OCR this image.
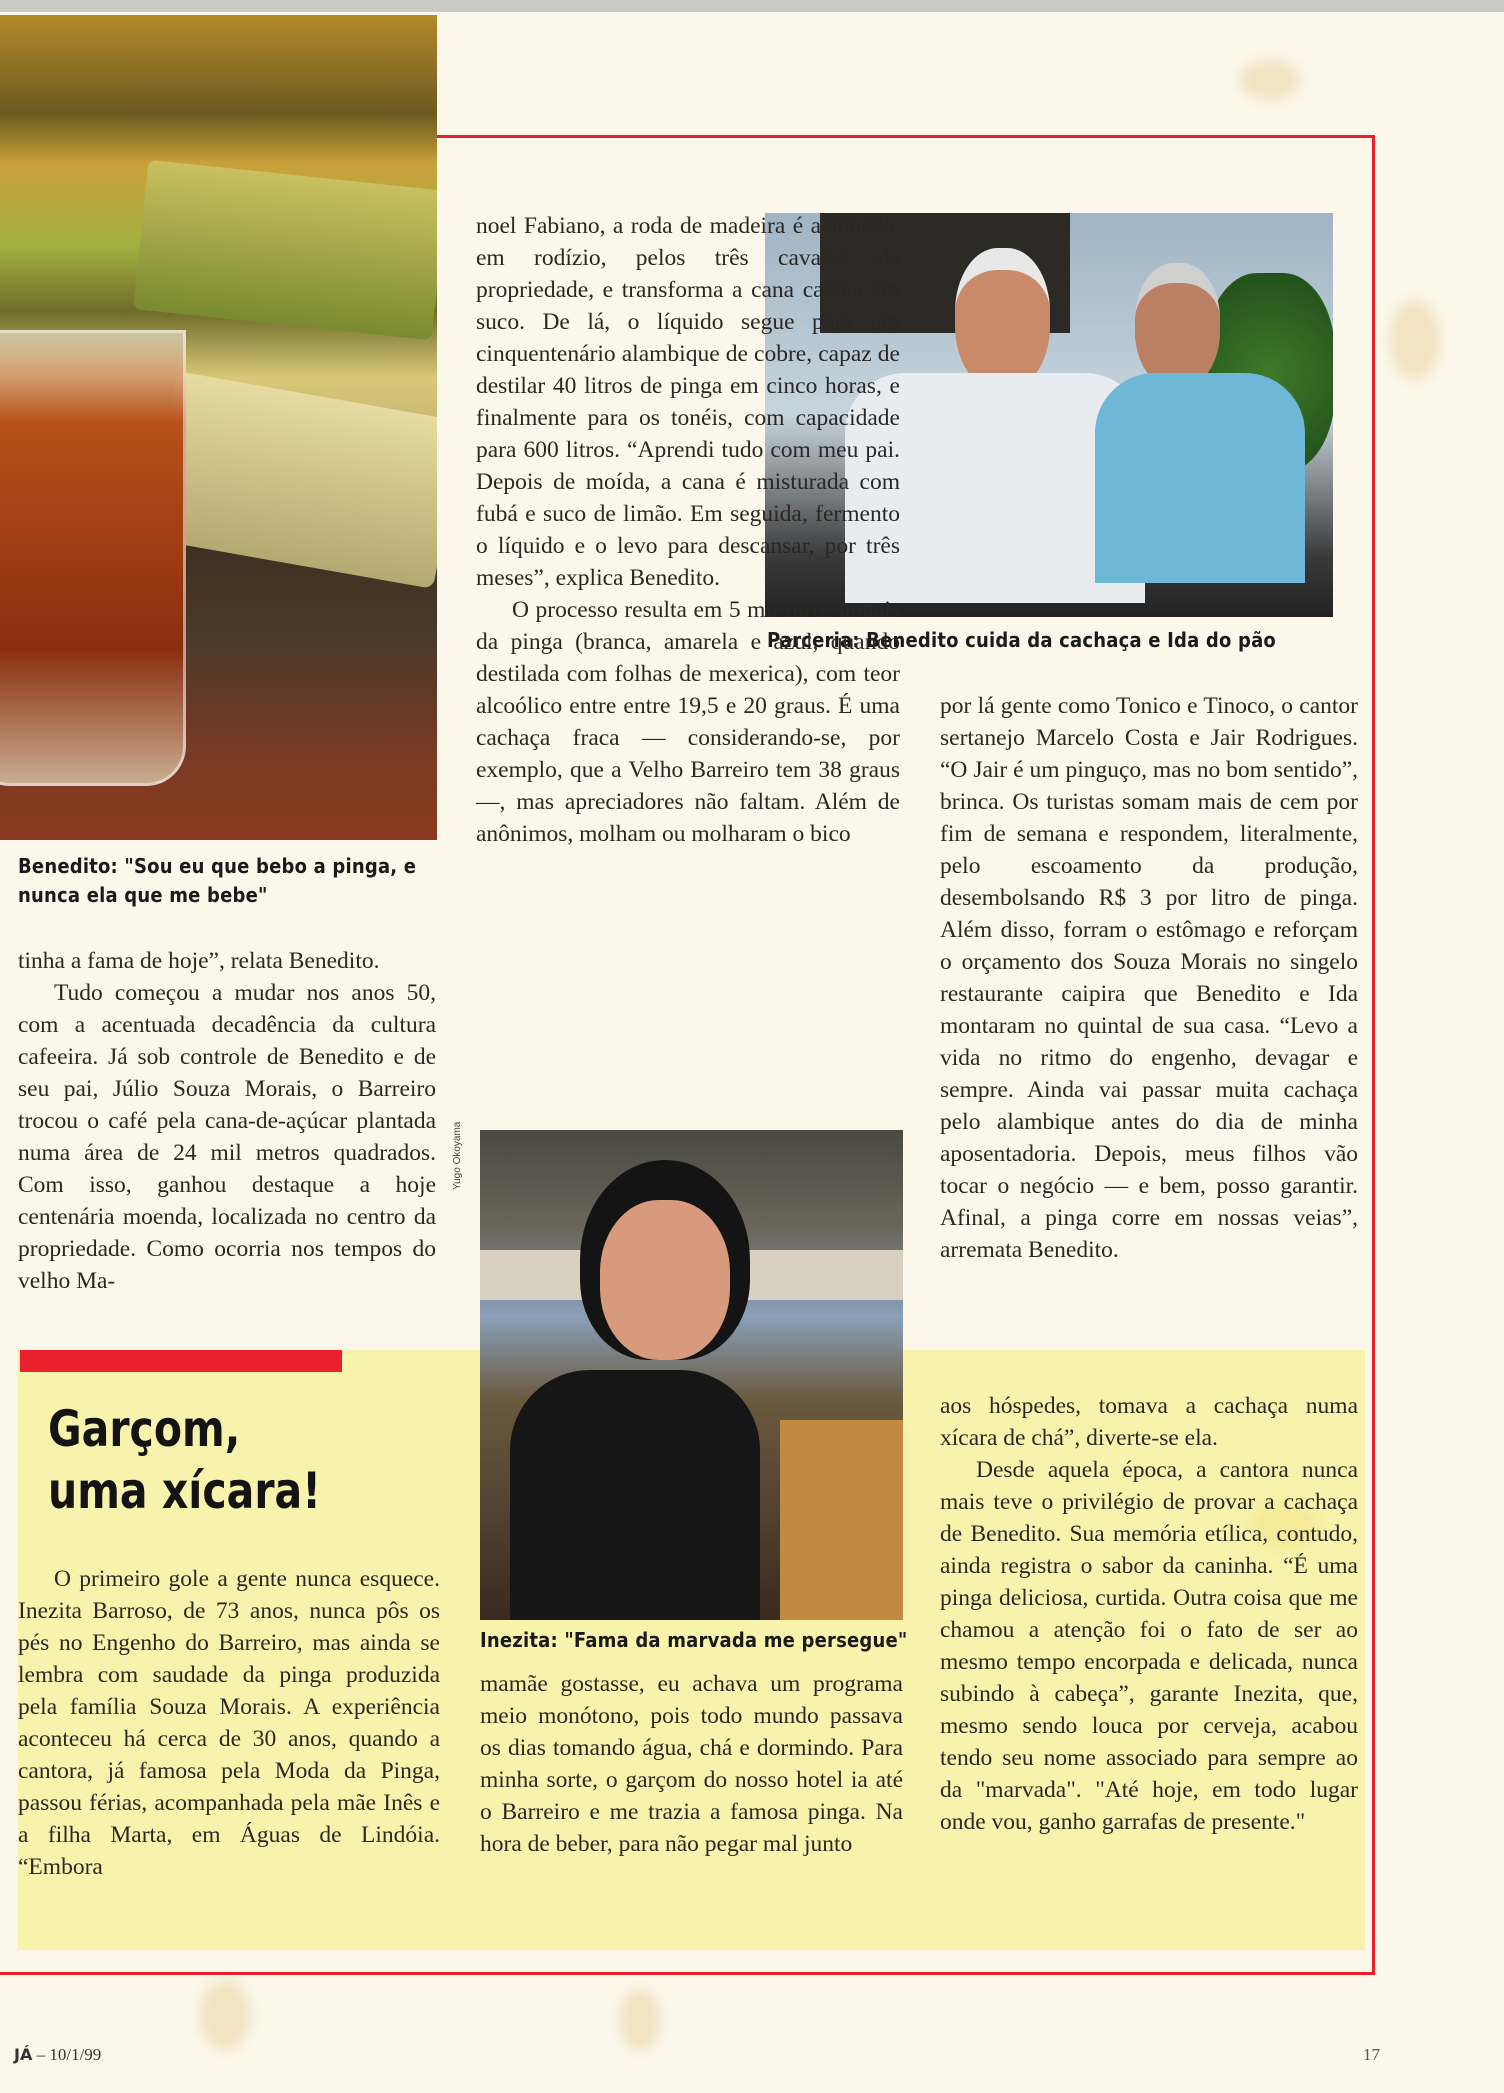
Benedito: "Sou eu que bebo a pinga, e nunca ela que me bebe"
Parceria: Benedito cuida da cachaça e Ida do pão

tinha a fama de hoje”, relata Benedito.

Tudo começou a mudar nos anos 50, com a acentuada decadência da cultura cafeeira. Já sob controle de Benedito e de seu pai, Júlio Souza Morais, o Barreiro trocou o café pela cana-de-açúcar plantada numa área de 24 mil metros quadrados. Com isso, ganhou destaque a hoje centenária moenda, localizada no centro da propriedade. Como ocorria nos tempos do velho Ma-

noel Fabiano, a roda de madeira é acionada, em rodízio, pelos três cavalos da propriedade, e transforma a cana caiana em suco. De lá, o líquido segue para um cinquentenário alambique de cobre, capaz de destilar 40 litros de pinga em cinco horas, e finalmente para os tonéis, com capacidade para 600 litros. “Aprendi tudo com meu pai. Depois de moída, a cana é misturada com fubá e suco de limão. Em seguida, fermento o líquido e o levo para descansar, por três meses”, explica Benedito.

O processo resulta em 5 mil litros anuais da pinga (branca, amarela e azul, quando destilada com folhas de mexerica), com teor alcoólico entre entre 19,5 e 20 graus. É uma cachaça fraca — considerando-se, por exemplo, que a Velho Barreiro tem 38 graus —, mas apreciadores não faltam. Além de anônimos, molham ou molharam o bico

por lá gente como Tonico e Tinoco, o cantor sertanejo Marcelo Costa e Jair Rodrigues. “O Jair é um pinguço, mas no bom sentido”, brinca. Os turistas somam mais de cem por fim de semana e respondem, literalmente, pelo escoamento da produção, desembolsando R$ 3 por litro de pinga. Além disso, forram o estômago e reforçam o orçamento dos Souza Morais no singelo restaurante caipira que Benedito e Ida montaram no quintal de sua casa. “Levo a vida no ritmo do engenho, devagar e sempre. Ainda vai passar muita cachaça pelo alambique antes do dia de minha aposentadoria. Depois, meus filhos vão tocar o negócio — e bem, posso garantir. Afinal, a pinga corre em nossas veias”, arremata Benedito.

Garçom,
uma xícara!
Yugo Okoyama
Inezita: "Fama da marvada me persegue"

O primeiro gole a gente nunca esquece. Inezita Barroso, de 73 anos, nunca pôs os pés no Engenho do Barreiro, mas ainda se lembra com saudade da pinga produzida pela família Souza Morais. A experiência aconteceu há cerca de 30 anos, quando a cantora, já famosa pela Moda da Pinga, passou férias, acompanhada pela mãe Inês e a filha Marta, em Águas de Lindóia. “Embora

mamãe gostasse, eu achava um programa meio monótono, pois todo mundo passava os dias tomando água, chá e dormindo. Para minha sorte, o garçom do nosso hotel ia até o Barreiro e me trazia a famosa pinga. Na hora de beber, para não pegar mal junto

aos hóspedes, tomava a cachaça numa xícara de chá”, diverte-se ela.

Desde aquela época, a cantora nunca mais teve o privilégio de provar a cachaça de Benedito. Sua memória etílica, contudo, ainda registra o sabor da caninha. “É uma pinga deliciosa, curtida. Outra coisa que me chamou a atenção foi o fato de ser ao mesmo tempo encorpada e delicada, nunca subindo à cabeça”, garante Inezita, que, mesmo sendo louca por cerveja, acabou tendo seu nome associado para sempre ao da "marvada". "Até hoje, em todo lugar onde vou, ganho garrafas de presente."

JÁ – 10/1/99	17
